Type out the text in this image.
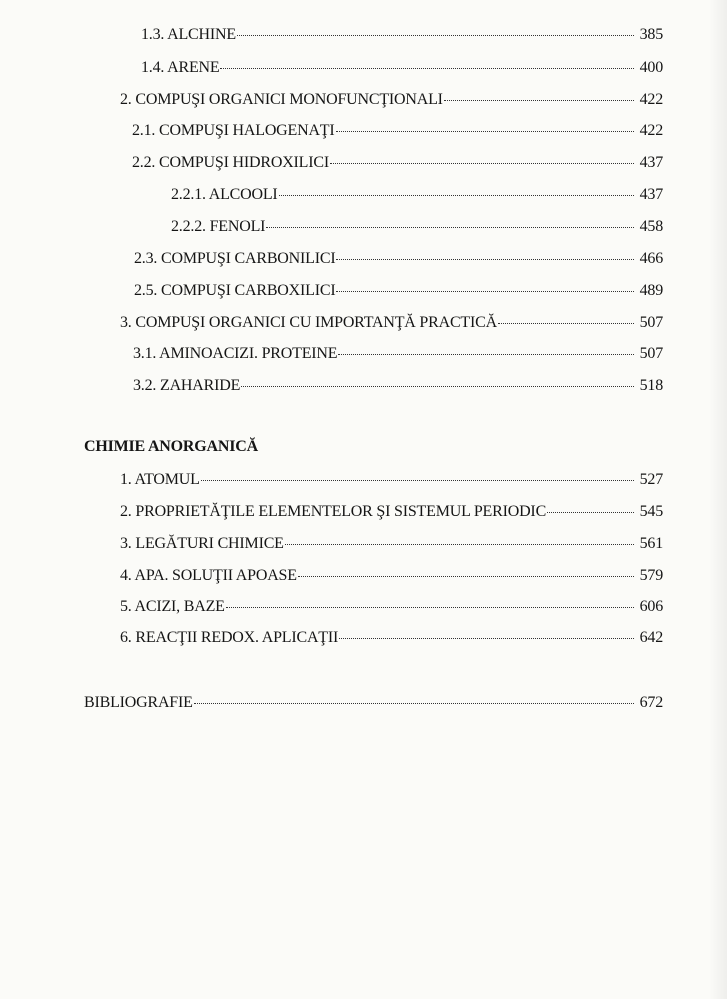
1.3. ALCHINE	385
1.4. ARENE	400
2. COMPUŞI ORGANICI MONOFUNCŢIONALI	422
2.1. COMPUŞI HALOGENAŢI	422
2.2. COMPUŞI HIDROXILICI	437
2.2.1. ALCOOLI	437
2.2.2. FENOLI	458
2.3. COMPUŞI CARBONILICI	466
2.5. COMPUŞI CARBOXILICI	489
3. COMPUŞI ORGANICI CU IMPORTANŢĂ PRACTICĂ	507
3.1. AMINOACIZI. PROTEINE	507
3.2. ZAHARIDE	518
CHIMIE ANORGANICĂ
1. ATOMUL	527
2. PROPRIETĂŢILE ELEMENTELOR ŞI SISTEMUL PERIODIC	545
3. LEGĂTURI CHIMICE	561
4. APA. SOLUŢII APOASE	579
5. ACIZI, BAZE	606
6. REACŢII REDOX. APLICAŢII	642
BIBLIOGRAFIE	672
